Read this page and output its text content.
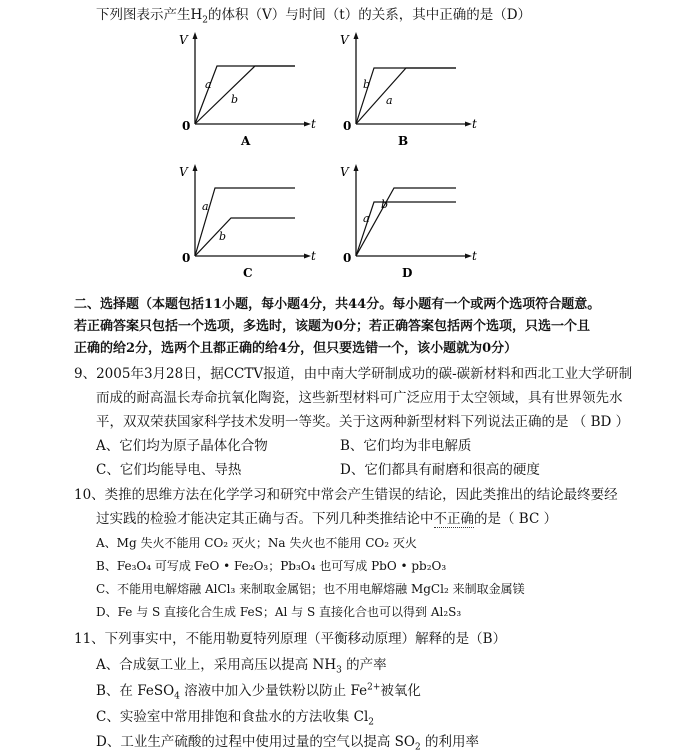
下列图表示产生$H_2$的体积（V）与时间（t）的关系，其中正确的是（D）
V
t
0
a
b
A
V
t
0
b
a
B
V
t
0
a
b
C
V
t
0
a
b
D
二、选择题（本题包括11小题，每小题4分，共44分。每小题有一个或两个选项符合题意。
若正确答案只包括一个选项，多选时，该题为0分；若正确答案包括两个选项，只选一个且
正确的给2分，选两个且都正确的给4分，但只要选错一个，该小题就为0分）
9、2005年3月28日，据CCTV报道，由中南大学研制成功的碳-碳新材料和西北工业大学研制
而成的耐高温长寿命抗氧化陶瓷，这些新型材料可广泛应用于太空领域，具有世界领先水
平，双双荣获国家科学技术发明一等奖。关于这两种新型材料下列说法正确的是 （ BD ）
A、它们均为原子晶体化合物	B、它们均为非电解质
C、它们均能导电、导热	D、它们都具有耐磨和很高的硬度
10、类推的思维方法在化学学习和研究中常会产生错误的结论，因此类推出的结论最终要经
过实践的检验才能决定其正确与否。下列几种类推结论中不正确的是（ BC ）
A、Mg 失火不能用 CO₂ 灭火；Na 失火也不能用 CO₂ 灭火
B、Fe₃O₄ 可写成 FeO • Fe₂O₃；Pb₃O₄ 也可写成 PbO • pb₂O₃
C、不能用电解熔融 AlCl₃ 来制取金属铝；也不用电解熔融 MgCl₂ 来制取金属镁
D、Fe 与 S 直接化合生成 FeS；Al 与 S 直接化合也可以得到 Al₂S₃
11、下列事实中，不能用勒夏特列原理（平衡移动原理）解释的是（B）
A、合成氨工业上，采用高压以提高 $NH_3$ 的产率
B、在 FeSO$_4$ 溶液中加入少量铁粉以防止 $Fe^{2+}$被氧化
C、实验室中常用排饱和食盐水的方法收集 $Cl_2$
D、工业生产硫酸的过程中使用过量的空气以提高 $SO_2$ 的利用率
